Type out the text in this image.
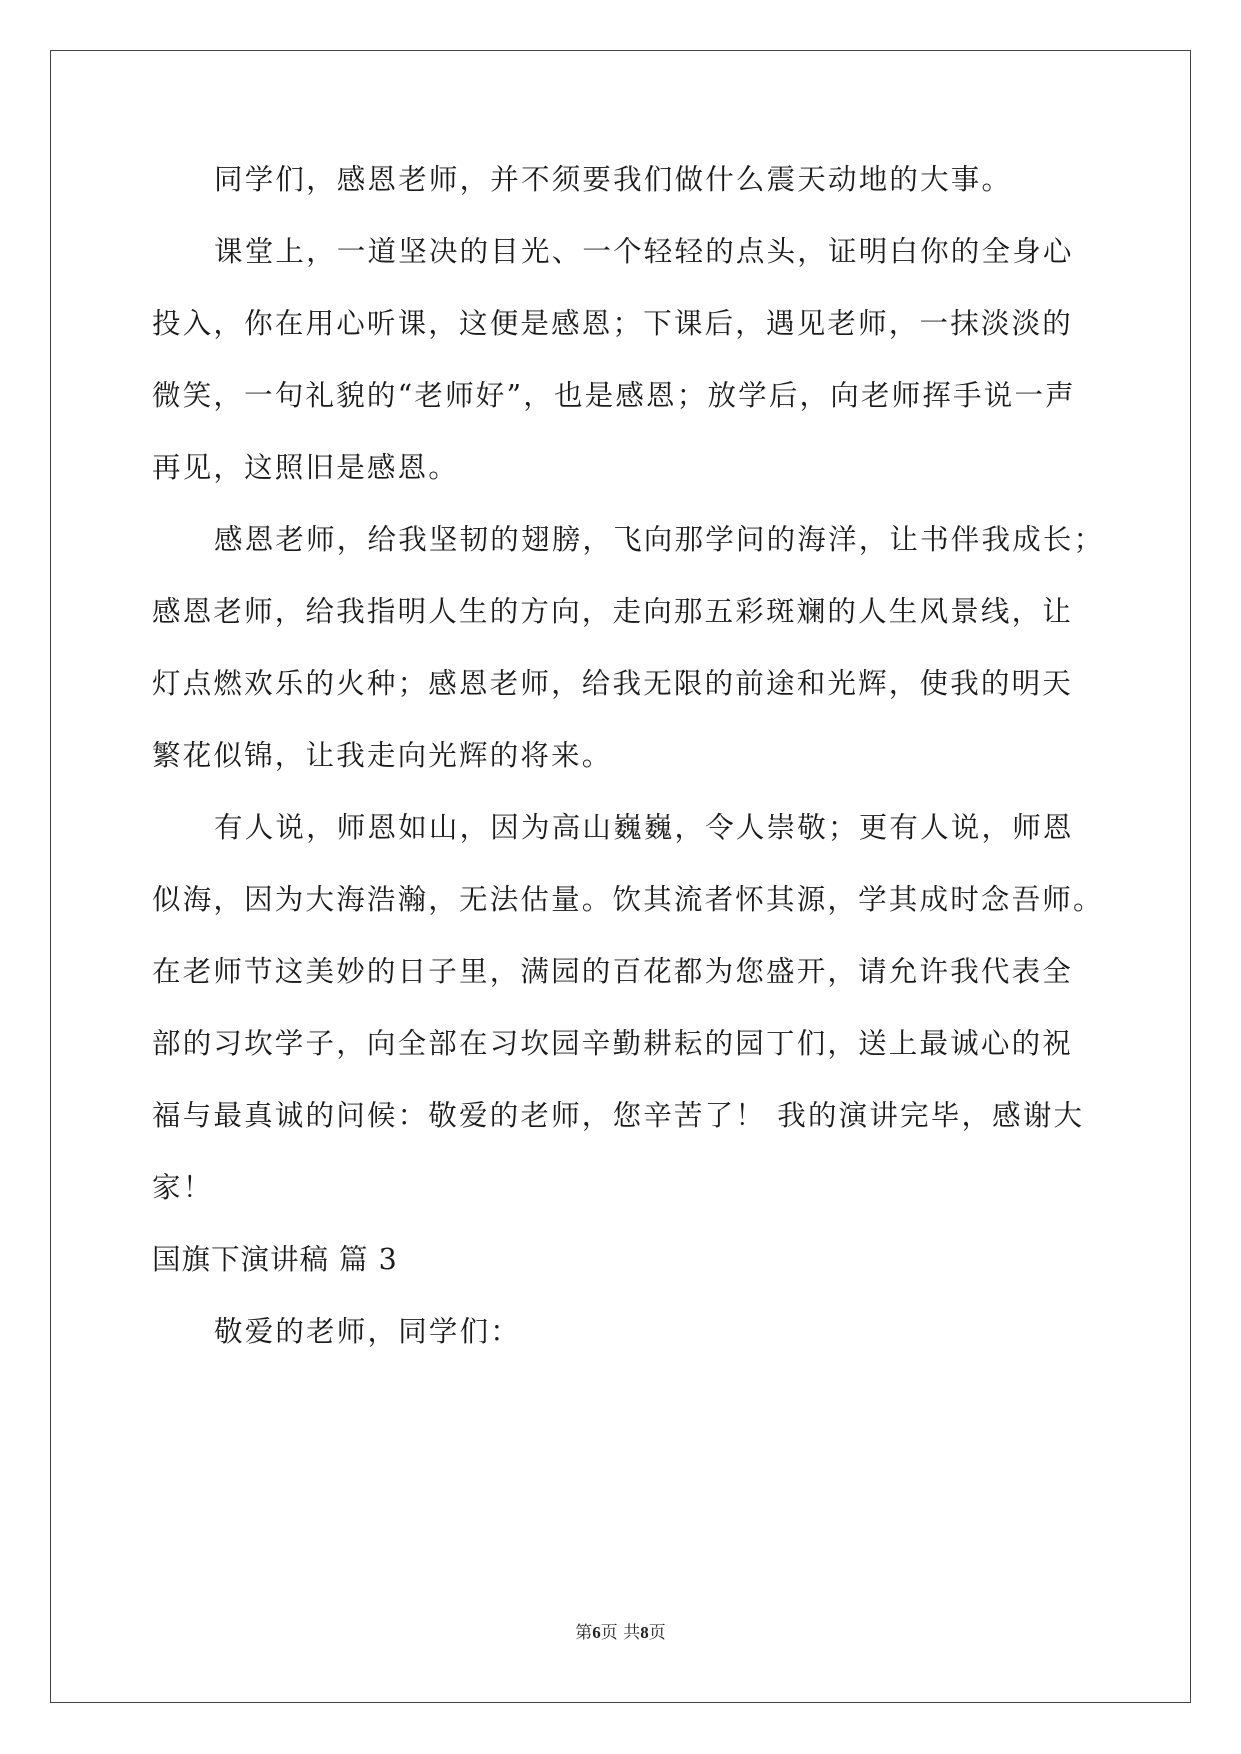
同学们，感恩老师，并不须要我们做什么震天动地的大事。
课堂上，一道坚决的目光、一个轻轻的点头，证明白你的全身心
投入，你在用心听课，这便是感恩；下课后，遇见老师，一抹淡淡的
微笑，一句礼貌的“老师好”，也是感恩；放学后，向老师挥手说一声
再见，这照旧是感恩。
感恩老师，给我坚韧的翅膀，飞向那学问的海洋，让书伴我成长；
感恩老师，给我指明人生的方向，走向那五彩斑斓的人生风景线，让
灯点燃欢乐的火种；感恩老师，给我无限的前途和光辉，使我的明天
繁花似锦，让我走向光辉的将来。
有人说，师恩如山，因为高山巍巍，令人崇敬；更有人说，师恩
似海，因为大海浩瀚，无法估量。饮其流者怀其源，学其成时念吾师。
在老师节这美妙的日子里，满园的百花都为您盛开，请允许我代表全
部的习坎学子，向全部在习坎园辛勤耕耘的园丁们，送上最诚心的祝
福与最真诚的问候：敬爱的老师，您辛苦了！ 我的演讲完毕，感谢大
家！
国旗下演讲稿 篇 3
敬爱的老师，同学们：
第6页 共8页
